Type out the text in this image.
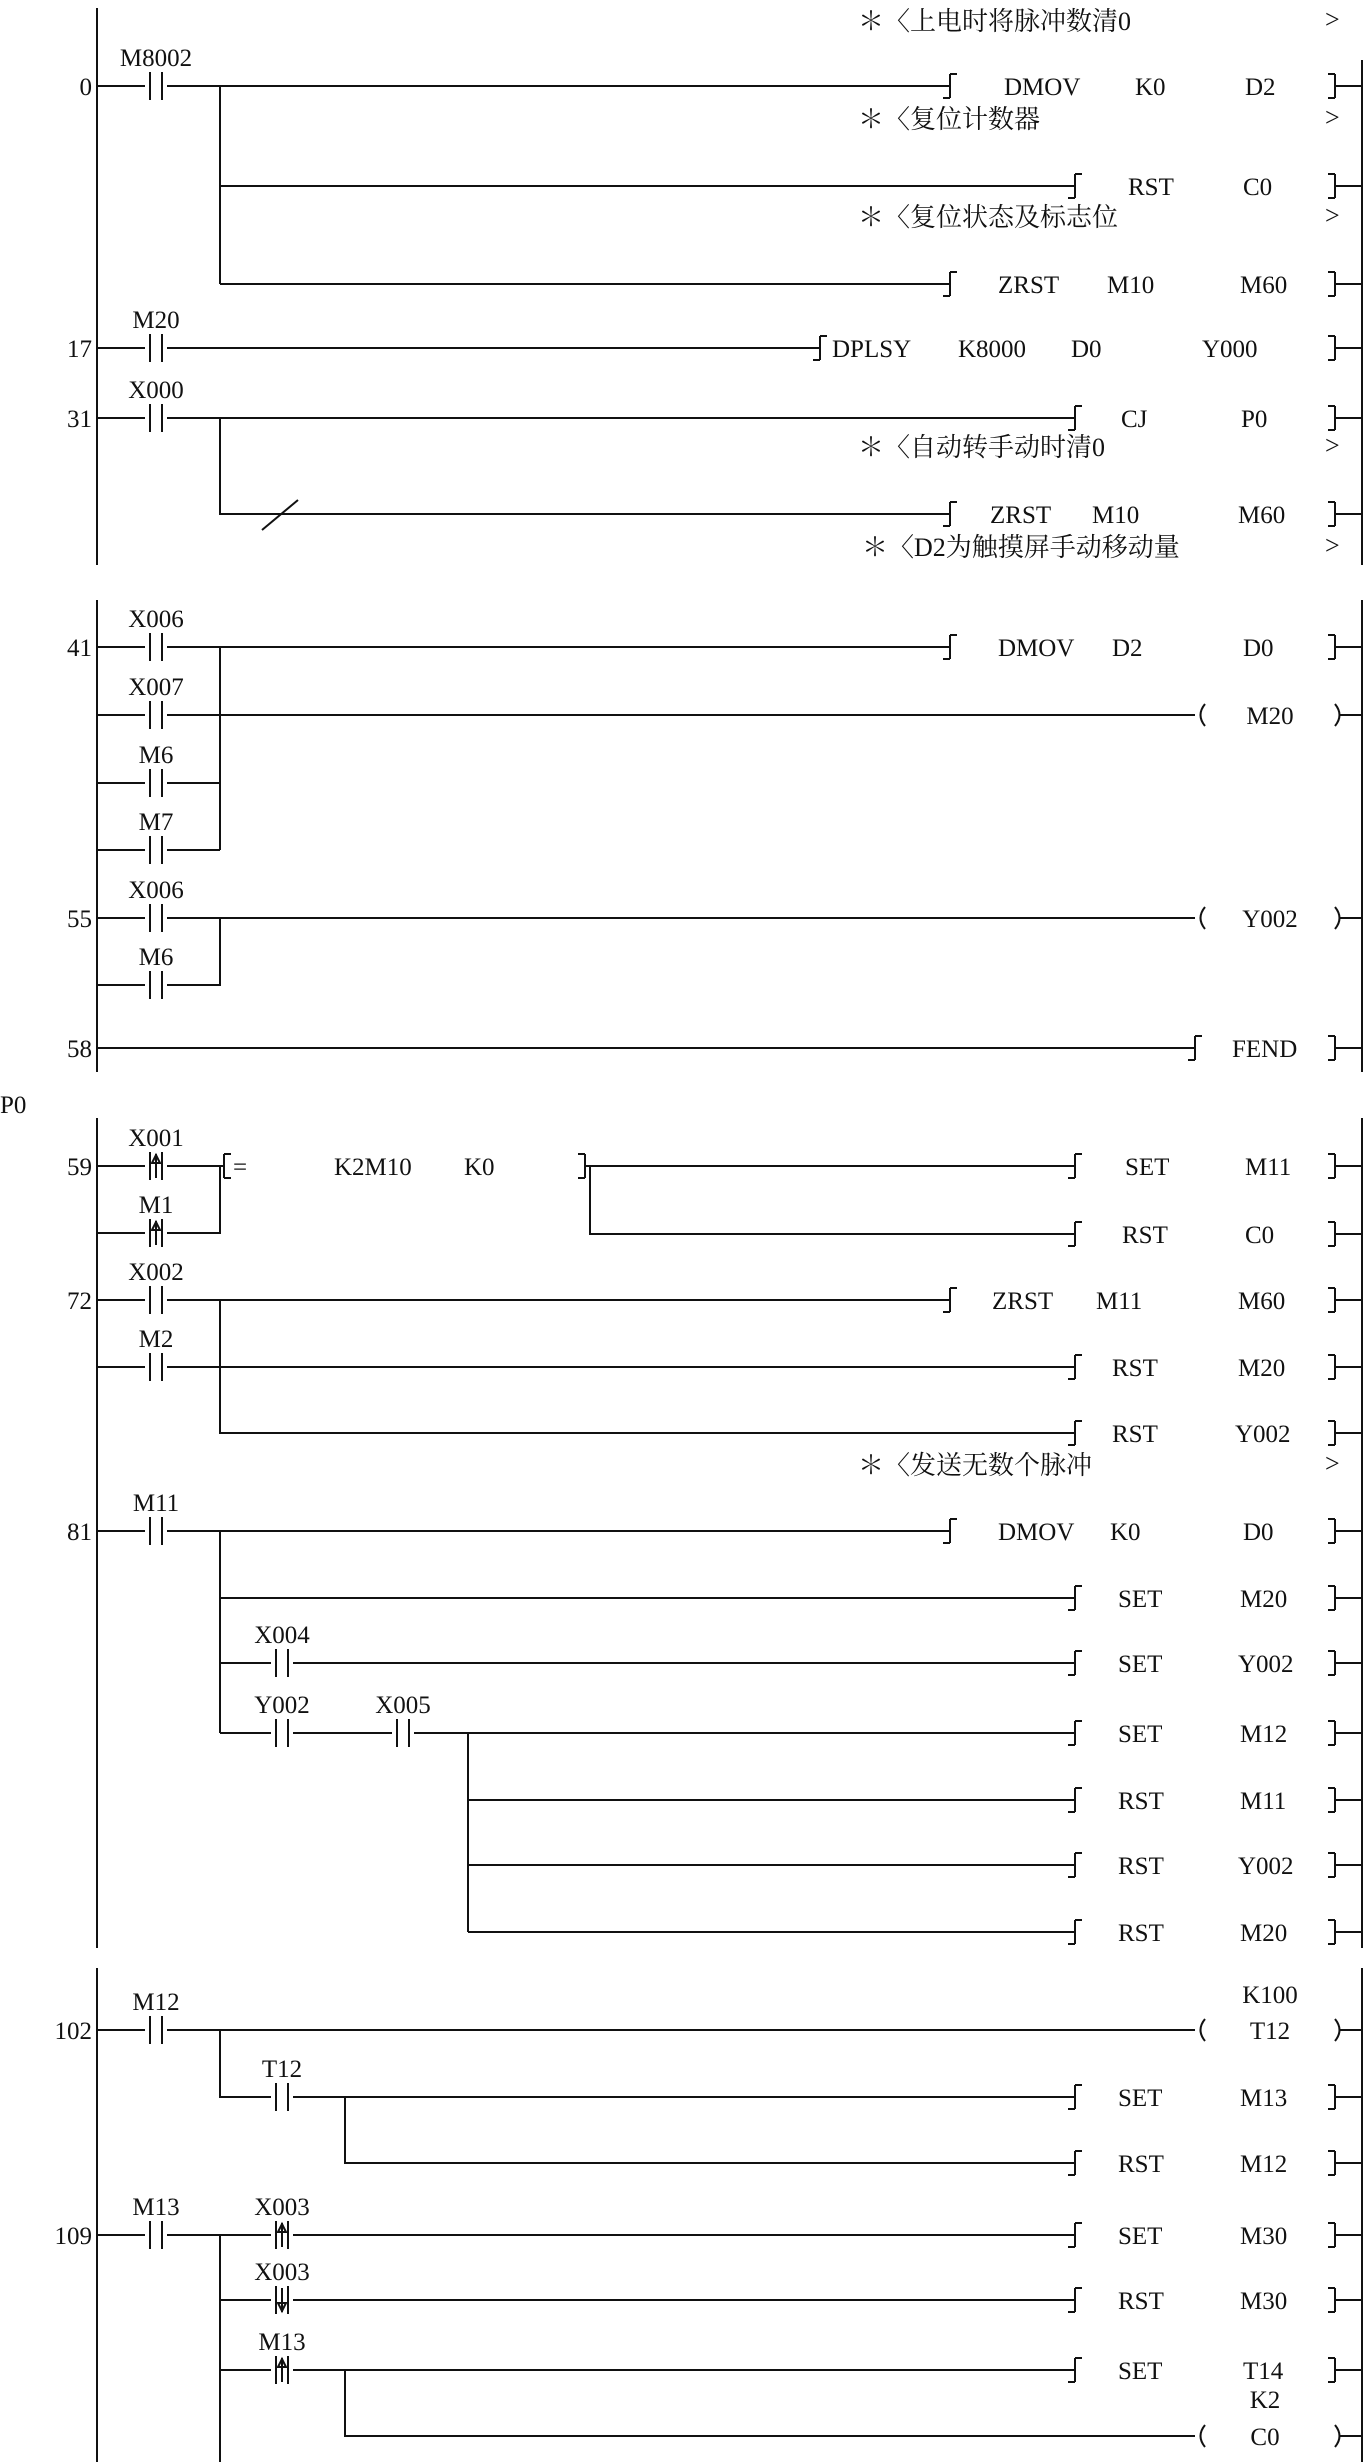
M8002
M20
X000
X006
X007
M6
M7
X006
M6
X001
M1
X002
M2
M11
X004
Y002	X005
M12
T12
M13	X003
X003
M13
0
17
31
41
55
58
59
72
81
102
109
P0
＊〈上电时将脉冲数清0
＊〈复位计数器
＊〈复位状态及标志位
＊〈自动转手动时清0
＊〈D2为触摸屏手动移动量
＊〈发送无数个脉冲
>
>
>
>
>
>
DMOV K0	D2
RST	C0
ZRST M10	M60
DPLSY K8000 D0	Y000
CJ	P0
ZRST M10	M60
DMOV D2	D0
FEND
SET	M11
RST	C0
ZRST M11	M60
RST	M20
RST	Y002
DMOV K0	D0
SET	M20
SET	Y002
SET	M12
RST	M11
RST	Y002
RST	M20
SET	M13
RST	M12
SET	M30
RST	M30
SET	T14
=	K2M10 K0
M20
Y002
K100
T12
K2
C0
